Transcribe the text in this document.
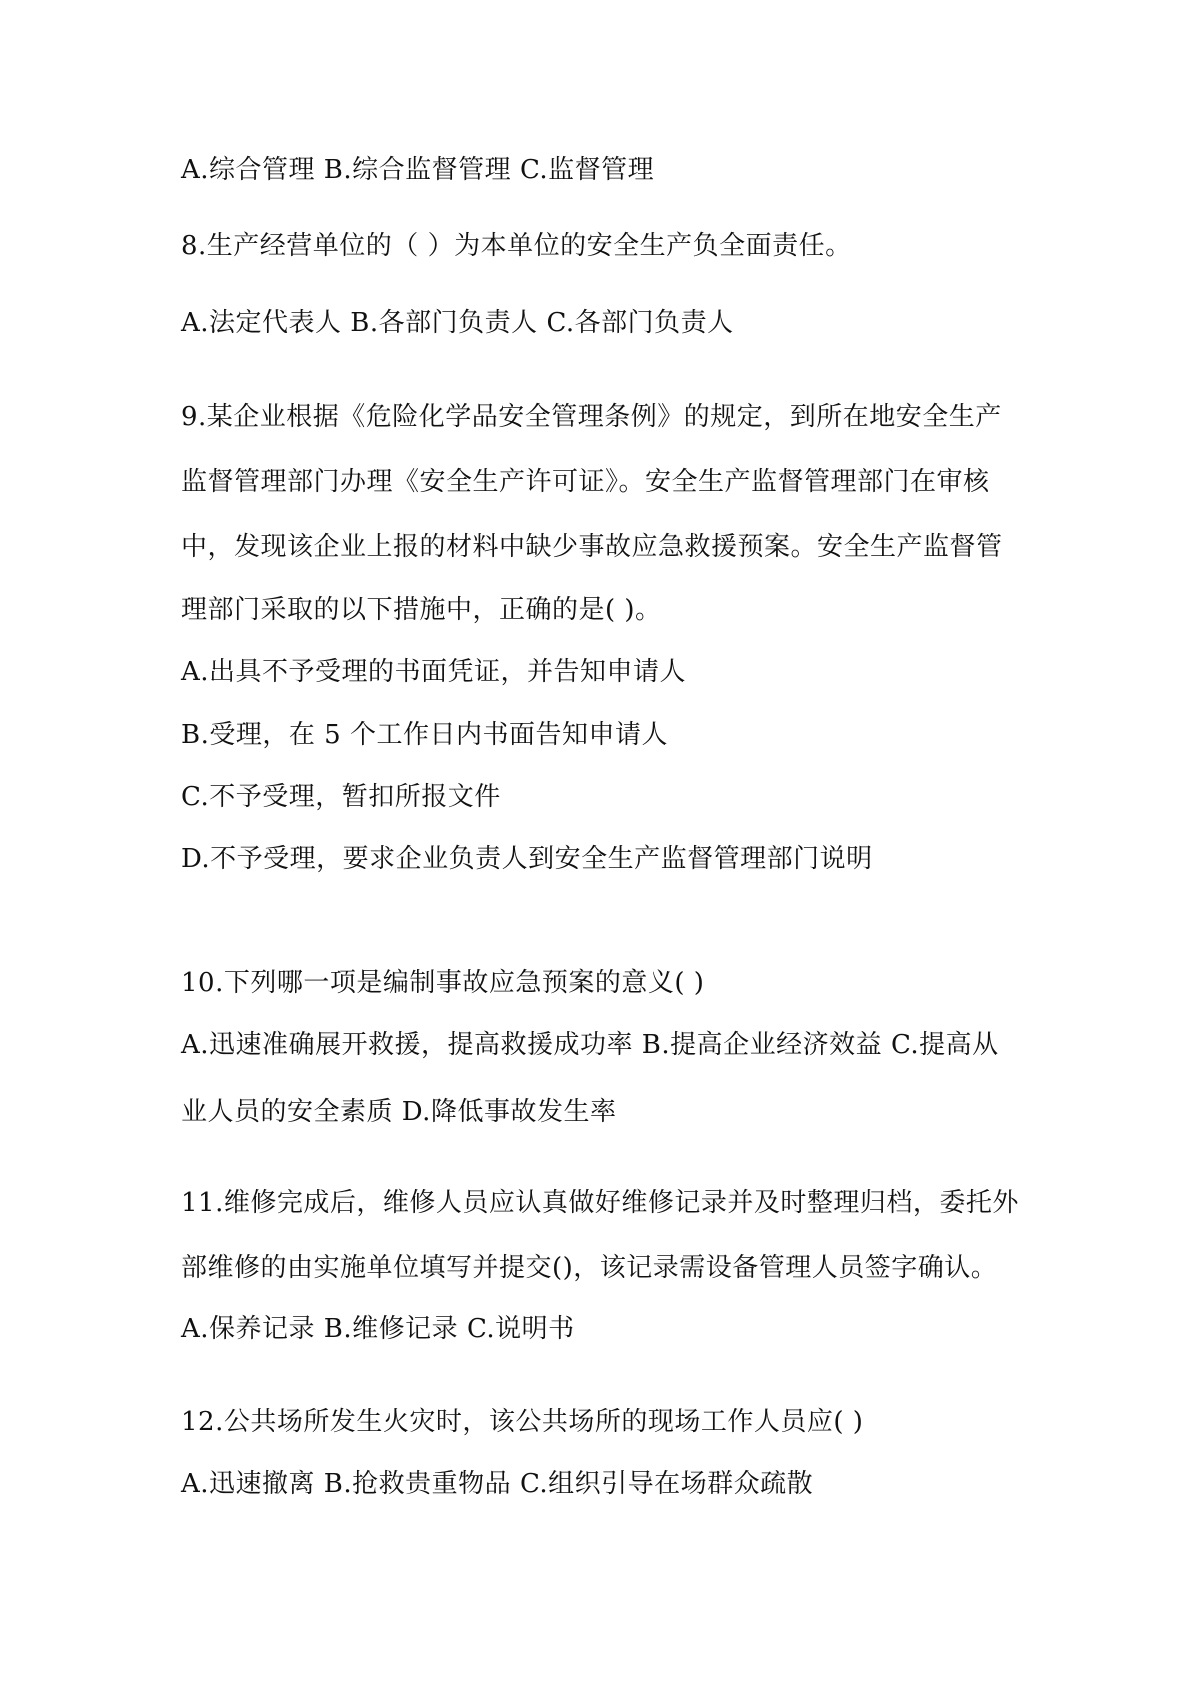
A.综合管理 B.综合监督管理 C.监督管理

8.生产经营单位的（ ）为本单位的安全生产负全面责任。

A.法定代表人 B.各部门负责人 C.各部门负责人

9.某企业根据《危险化学品安全管理条例》的规定，到所在地安全生产

监督管理部门办理《安全生产许可证》。安全生产监督管理部门在审核

中，发现该企业上报的材料中缺少事故应急救援预案。安全生产监督管

理部门采取的以下措施中，正确的是( )。

A.出具不予受理的书面凭证，并告知申请人

B.受理，在 5 个工作日内书面告知申请人

C.不予受理，暂扣所报文件

D.不予受理，要求企业负责人到安全生产监督管理部门说明

10.下列哪一项是编制事故应急预案的意义( )

A.迅速准确展开救援，提高救援成功率 B.提高企业经济效益 C.提高从

业人员的安全素质 D.降低事故发生率

11.维修完成后，维修人员应认真做好维修记录并及时整理归档，委托外

部维修的由实施单位填写并提交()，该记录需设备管理人员签字确认。

A.保养记录 B.维修记录 C.说明书

12.公共场所发生火灾时，该公共场所的现场工作人员应( )

A.迅速撤离 B.抢救贵重物品 C.组织引导在场群众疏散
